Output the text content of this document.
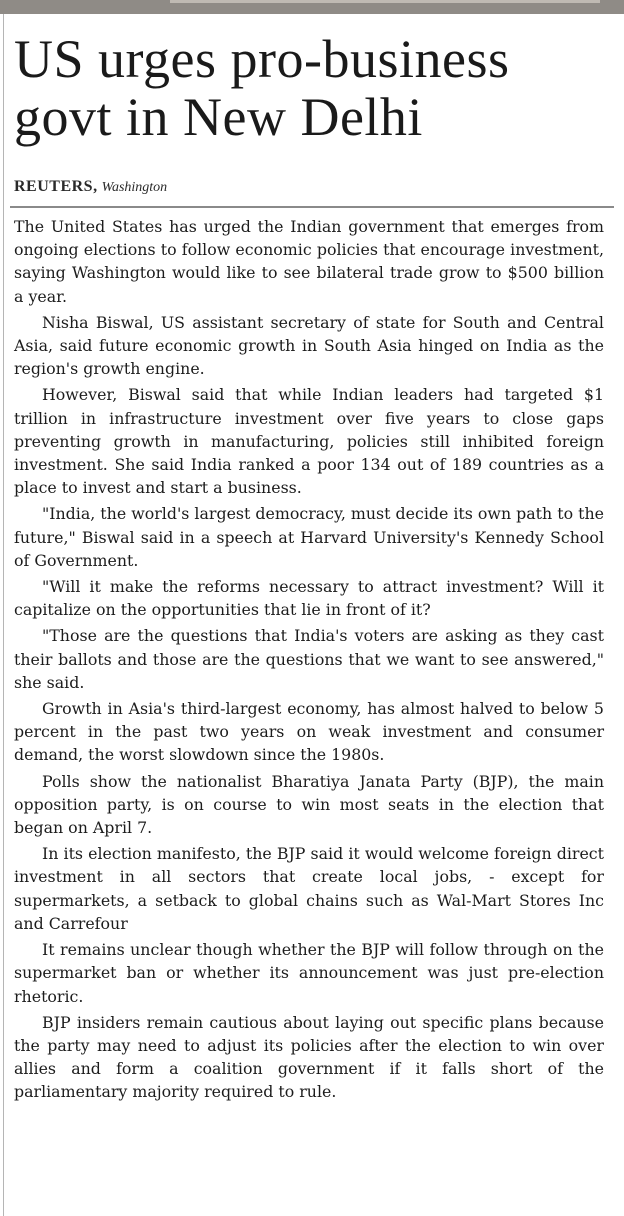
US urges pro-business govt in New Delhi
REUTERS, Washington

The United States has urged the Indian government that emerges from ongoing elections to follow economic policies that encourage investment, saying Washington would like to see bilateral trade grow to $500 billion a year.

Nisha Biswal, US assistant secretary of state for South and Central Asia, said future economic growth in South Asia hinged on India as the region's growth engine.

However, Biswal said that while Indian leaders had targeted $1 trillion in infrastructure investment over five years to close gaps preventing growth in manufacturing, policies still inhibited foreign investment. She said India ranked a poor 134 out of 189 countries as a place to invest and start a business.

"India, the world's largest democracy, must decide its own path to the future," Biswal said in a speech at Harvard University's Kennedy School of Government.

"Will it make the reforms necessary to attract investment? Will it capitalize on the opportunities that lie in front of it?

"Those are the questions that India's voters are asking as they cast their ballots and those are the questions that we want to see answered," she said.

Growth in Asia's third-largest economy, has almost halved to below 5 percent in the past two years on weak investment and consumer demand, the worst slowdown since the 1980s.

Polls show the nationalist Bharatiya Janata Party (BJP), the main opposition party, is on course to win most seats in the election that began on April 7.

In its election manifesto, the BJP said it would welcome foreign direct investment in all sectors that create local jobs, - except for supermarkets, a setback to global chains such as Wal-Mart Stores Inc and Carrefour

It remains unclear though whether the BJP will follow through on the supermarket ban or whether its announcement was just pre-election rhetoric.

BJP insiders remain cautious about laying out specific plans because the party may need to adjust its policies after the election to win over allies and form a coalition government if it falls short of the parliamentary majority required to rule.
